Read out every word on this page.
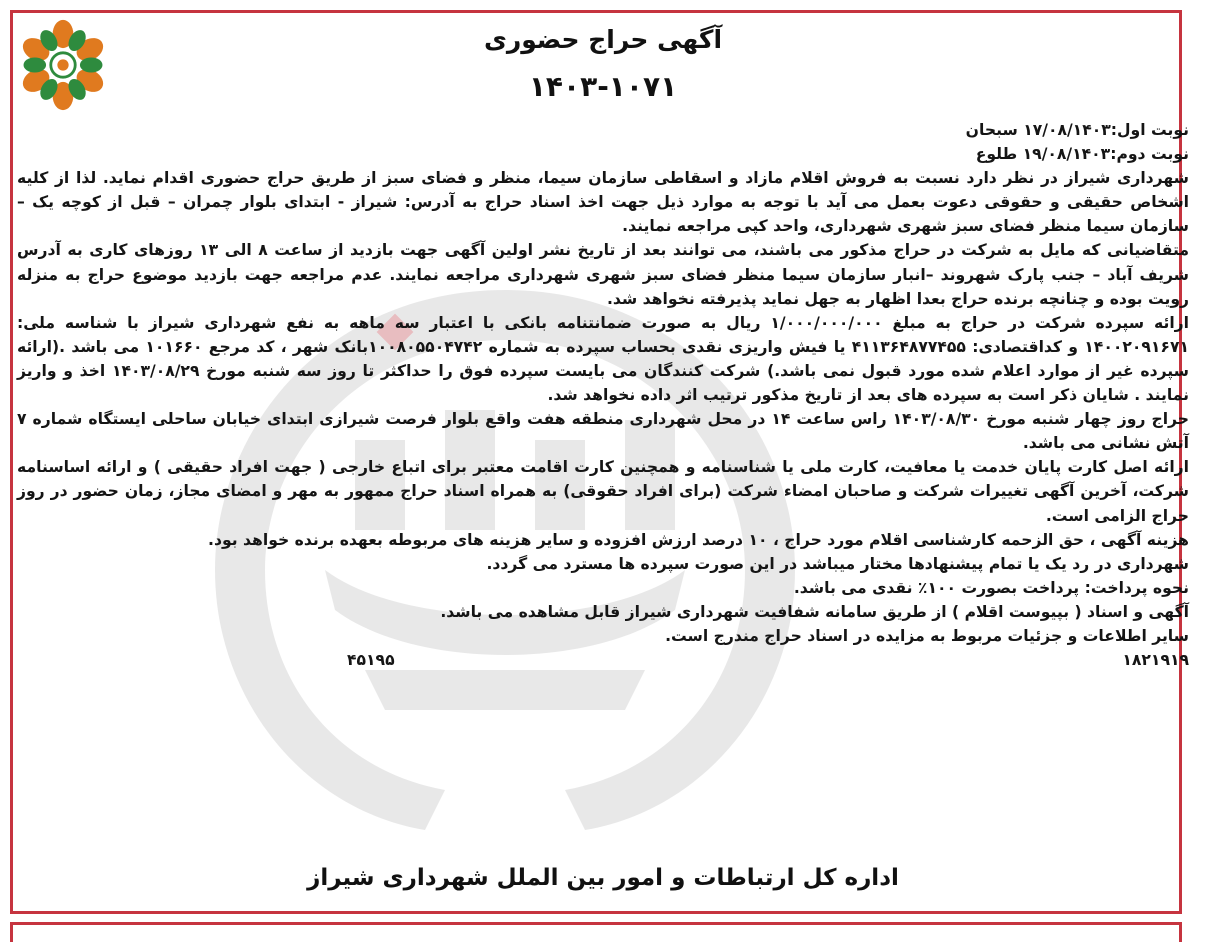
آگهی حراج حضوری
۱۴۰۳-۱۰۷۱

نوبت اول:۱۷/۰۸/۱۴۰۳ سبحان

نوبت دوم:۱۹/۰۸/۱۴۰۳ طلوع

شهرداری شیراز در نظر دارد نسبت به فروش اقلام مازاد و اسقاطی سازمان سیما، منظر و فضای سبز از طریق حراج حضوری اقدام نماید. لذا از کلیه اشخاص حقیقی و حقوقی دعوت بعمل می آید با توجه به موارد ذیل جهت اخذ اسناد حراج به آدرس: شیراز - ابتدای بلوار چمران – قبل از کوچه یک –سازمان سیما منظر فضای سبز شهری شهرداری، واحد کپی مراجعه نمایند.

متقاضیانی که مایل به شرکت در حراج مذکور می باشند، می توانند بعد از تاریخ نشر اولین آگهی جهت بازدید از ساعت ۸ الی ۱۳ روزهای کاری به آدرس شریف آباد – جنب پارک شهروند –انبار سازمان سیما منظر فضای سبز شهری شهرداری مراجعه نمایند. عدم مراجعه جهت بازدید موضوع حراج به منزله رویت بوده و چنانچه برنده حراج بعدا اظهار به جهل نماید پذیرفته نخواهد شد.

ارائه سپرده شرکت در حراج به مبلغ ۱/۰۰۰/۰۰۰/۰۰۰ ریال به صورت ضمانتنامه بانکی با اعتبار سه ماهه به نفع شهرداری شیراز با شناسه ملی: ۱۴۰۰۲۰۹۱۶۷۱ و کداقتصادی: ۴۱۱۳۶۴۸۷۷۴۵۵ یا فیش واریزی نقدی بحساب سپرده به شماره ۱۰۰۸۰۵۵۰۴۷۴۲بانک شهر ، کد مرجع ۱۰۱۶۶۰ می باشد .(ارائه سپرده غیر از موارد اعلام شده مورد قبول نمی باشد.) شرکت کنندگان می بایست سپرده فوق را حداکثر تا روز سه شنبه مورخ ۱۴۰۳/۰۸/۲۹ اخذ و واریز نمایند . شایان ذکر است به سپرده های بعد از تاریخ مذکور ترتیب اثر داده نخواهد شد.

حراج روز چهار شنبه مورخ ۱۴۰۳/۰۸/۳۰ راس ساعت ۱۴ در محل شهرداری منطقه هفت واقع بلوار فرصت شیرازی ابتدای خیابان ساحلی ایستگاه شماره ۷ آتش نشانی می باشد.

ارائه اصل کارت پایان خدمت یا معافیت، کارت ملی یا شناسنامه و همچنین کارت اقامت معتبر برای اتباع خارجی ( جهت افراد حقیقی ) و ارائه اساسنامه شرکت، آخرین آگهی تغییرات شرکت و صاحبان امضاء شرکت (برای افراد حقوقی) به همراه اسناد حراج ممهور به مهر و امضای مجاز، زمان حضور در روز حراج الزامی است.

هزینه آگهی ، حق الزحمه کارشناسی اقلام مورد حراج ، ۱۰ درصد ارزش افزوده و سایر هزینه های مربوطه بعهده برنده خواهد بود.

شهرداری در رد یک یا تمام پیشنهادها مختار میباشد در این صورت سپرده ها مسترد می گردد.

نحوه پرداخت: پرداخت بصورت ۱۰۰٪ نقدی می باشد.

آگهی و اسناد ( بپیوست اقلام ) از طریق سامانه شفافیت شهرداری شیراز قابل مشاهده می باشد.

سایر اطلاعات و جزئیات مربوط به مزایده در اسناد حراج مندرج است.

۱۸۲۱۹۱۹
۴۵۱۹۵
اداره کل ارتباطات و امور بین الملل شهرداری شیراز
